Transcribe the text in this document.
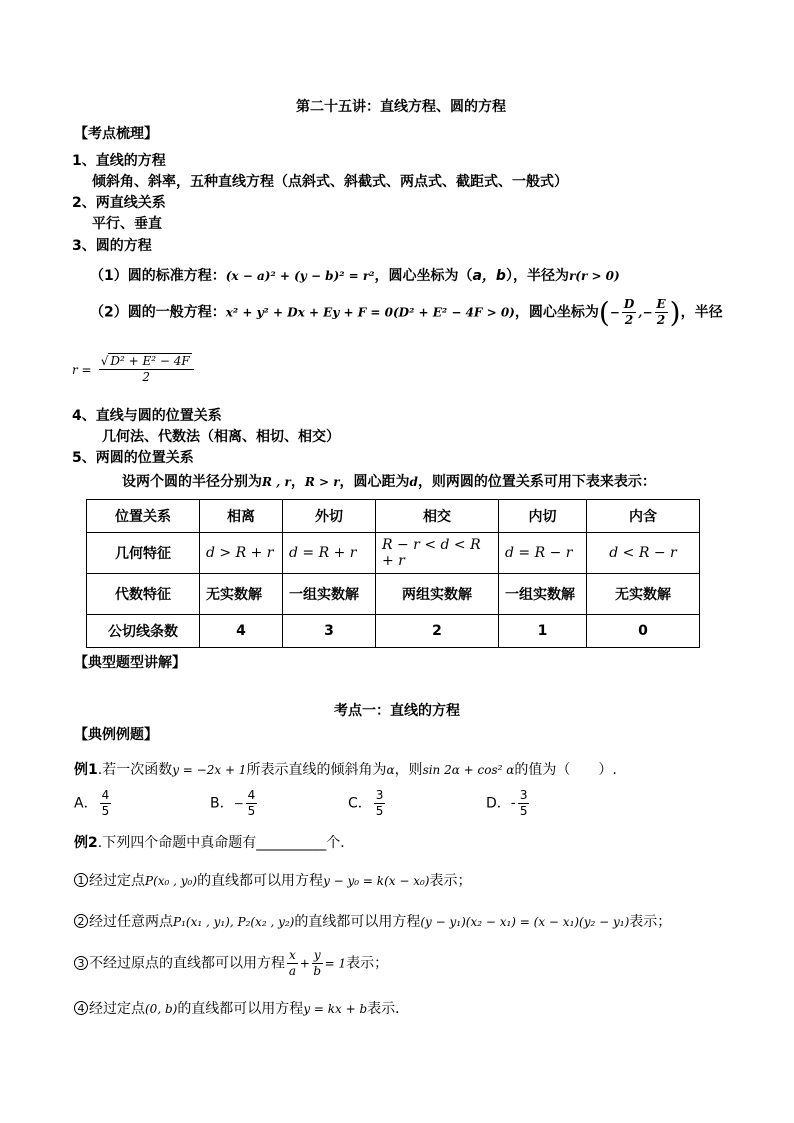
第二十五讲：直线方程、圆的方程
【考点梳理】
1、直线的方程
倾斜角、斜率，五种直线方程（点斜式、斜截式、两点式、截距式、一般式）
2、两直线关系
平行、垂直
3、圆的方程
（1）圆的标准方程：(x − a)² + (y − b)² = r²，圆心坐标为（a，b），半径为r(r > 0)
（2）圆的一般方程：x² + y² + Dx + Ey + F = 0(D² + E² − 4F > 0)，圆心坐标为(− $\frac{D}{2}$ ,− $\frac{E}{2}$ )，半径
$r = \frac{\text{√ D² + E² − 4F}}{2}$
4、直线与圆的位置关系
几何法、代数法（相离、相切、相交）
5、两圆的位置关系
设两个圆的半径分别为R , r，R > r，圆心距为d，则两圆的位置关系可用下表来表示：
位置关系	相离	外切	相交	内切	内含
几何特征	d > R + r	d = R + r	R − r < d < R + r	d = R − r	d < R − r
代数特征	无实数解	一组实数解	两组实数解	一组实数解	无实数解
公切线条数	4	3	2	1	0
【典型题型讲解】
考点一：直线的方程
【典例例题】
例1.若一次函数y = −2x + 1所表示直线的倾斜角为α，则sin 2α + cos² α的值为（　　）.
A． $\frac{4}{5}$	B．− $\frac{4}{5}$	C． $\frac{3}{5}$	D．- $\frac{3}{5}$
例2.下列四个命题中真命题有__________个．
1 经过定点P(x₀ , y₀)的直线都可以用方程y − y₀ = k(x − x₀)表示；
2 经过任意两点P₁(x₁ , y₁), P₂(x₂ , y₂)的直线都可以用方程(y − y₁)(x₂ − x₁) = (x − x₁)(y₂ − y₁)表示；
3 不经过原点的直线都可以用方程 $\frac{x}{a} + \frac{y}{b} = 1$表示；
4 经过定点(0, b)的直线都可以用方程y = kx + b表示．
